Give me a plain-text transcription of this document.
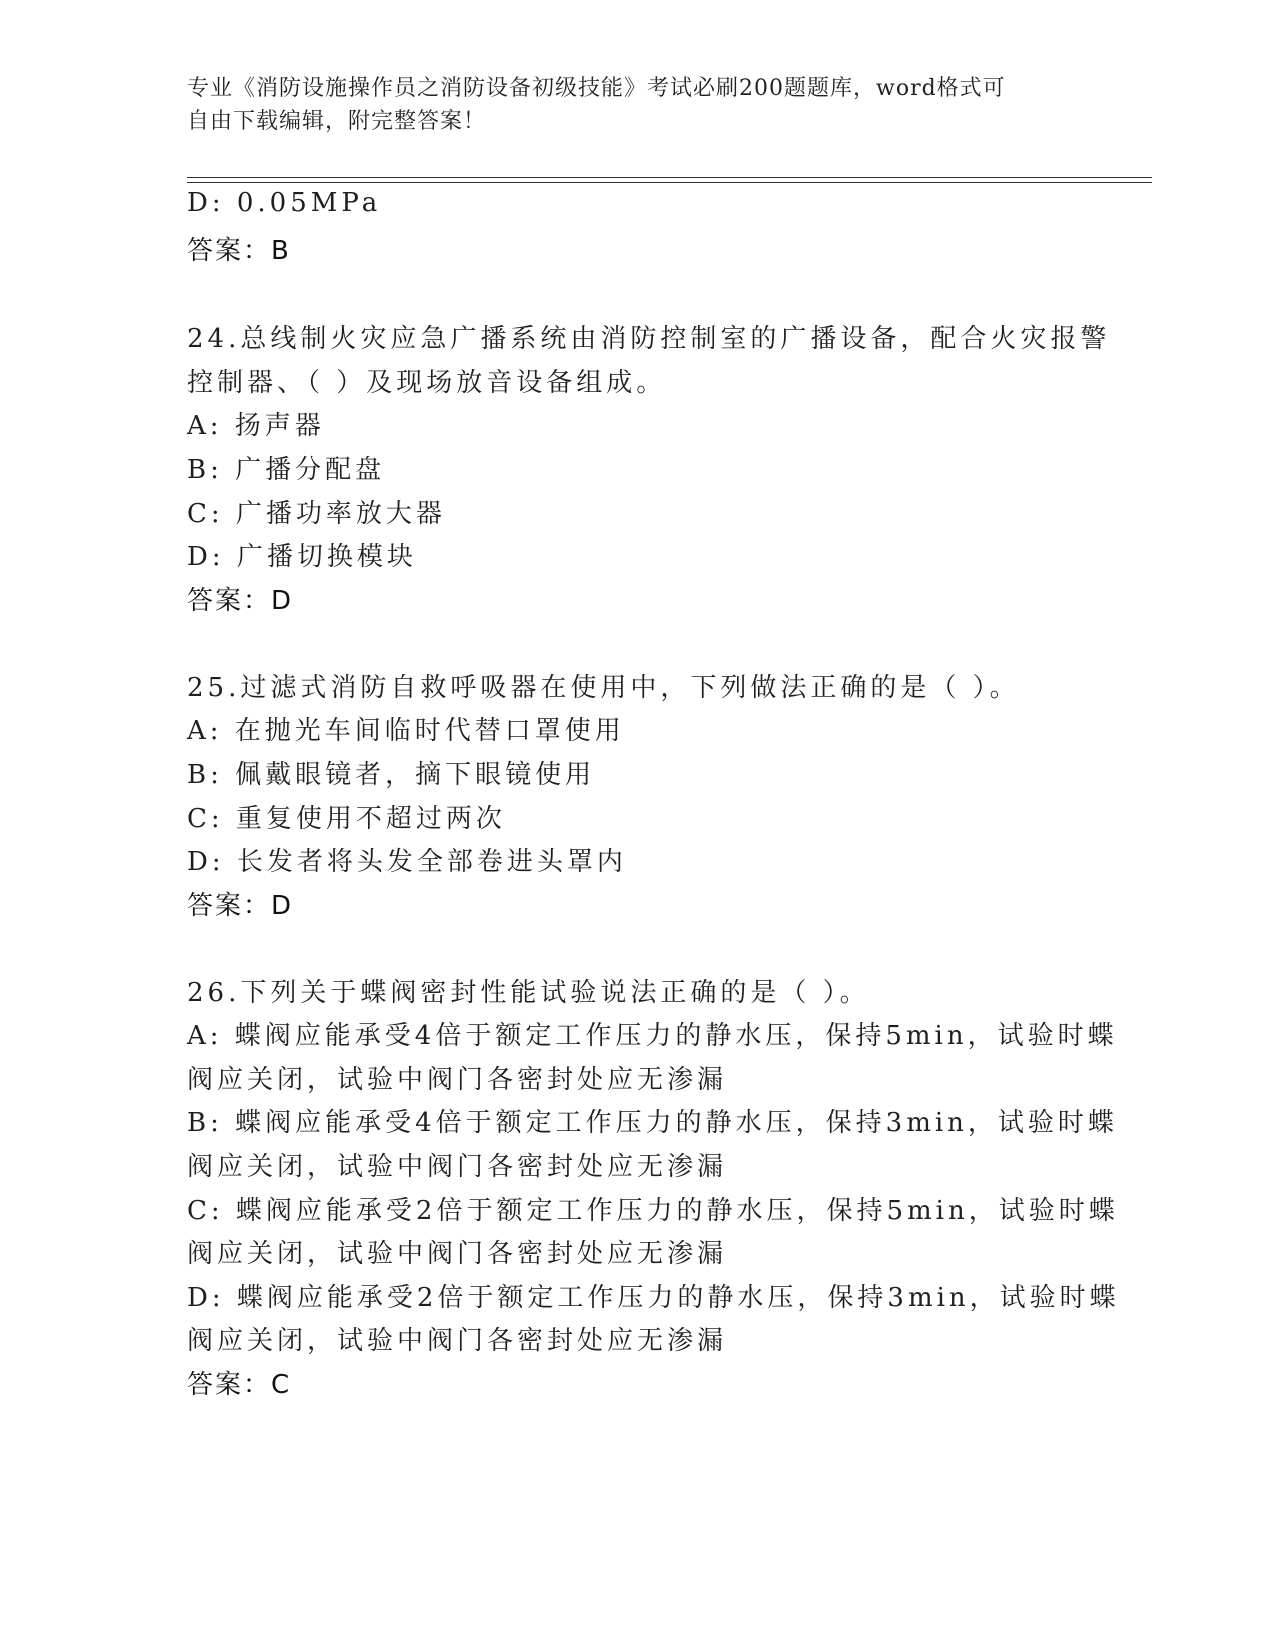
专业《消防设施操作员之消防设备初级技能》考试必刷200题题库，word格式可
自由下载编辑，附完整答案！
D: 0.05MPa
答案：B
24.总线制火灾应急广播系统由消防控制室的广播设备，配合火灾报警
控制器、（ ）及现场放音设备组成。
A: 扬声器
B: 广播分配盘
C: 广播功率放大器
D: 广播切换模块
答案：D
25.过滤式消防自救呼吸器在使用中，下列做法正确的是（ ）。
A: 在抛光车间临时代替口罩使用
B: 佩戴眼镜者，摘下眼镜使用
C: 重复使用不超过两次
D: 长发者将头发全部卷进头罩内
答案：D
26.下列关于蝶阀密封性能试验说法正确的是（ ）。
A: 蝶阀应能承受4倍于额定工作压力的静水压，保持5min，试验时蝶
阀应关闭，试验中阀门各密封处应无渗漏
B: 蝶阀应能承受4倍于额定工作压力的静水压，保持3min，试验时蝶
阀应关闭，试验中阀门各密封处应无渗漏
C: 蝶阀应能承受2倍于额定工作压力的静水压，保持5min，试验时蝶
阀应关闭，试验中阀门各密封处应无渗漏
D: 蝶阀应能承受2倍于额定工作压力的静水压，保持3min，试验时蝶
阀应关闭，试验中阀门各密封处应无渗漏
答案：C
